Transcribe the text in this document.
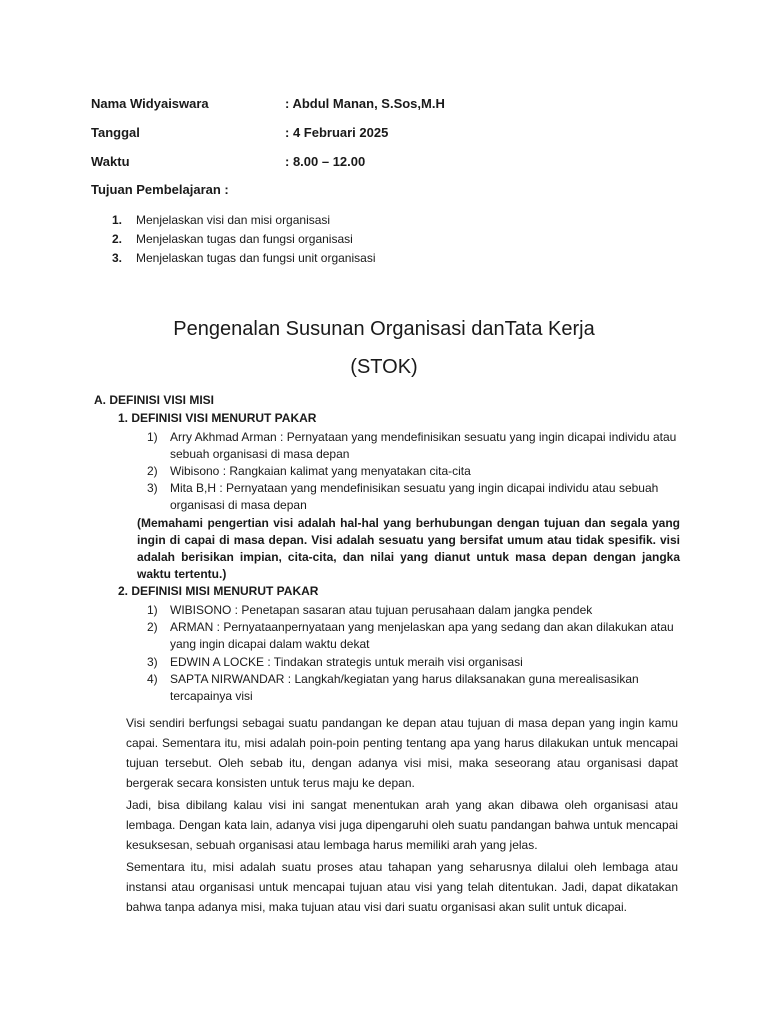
Nama Widyaiswara	: Abdul Manan, S.Sos,M.H
Tanggal	: 4 Februari 2025
Waktu	: 8.00 – 12.00
Tujuan Pembelajaran :
1. Menjelaskan visi dan misi organisasi
2. Menjelaskan tugas dan fungsi organisasi
3. Menjelaskan tugas dan fungsi unit organisasi
Pengenalan Susunan Organisasi danTata Kerja
(STOK)
A. DEFINISI VISI MISI
1. DEFINISI VISI MENURUT PAKAR
1) Arry Akhmad Arman : Pernyataan yang mendefinisikan sesuatu yang ingin dicapai individu atau sebuah organisasi di masa depan
2) Wibisono : Rangkaian kalimat yang menyatakan cita-cita
3) Mita B,H : Pernyataan yang mendefinisikan sesuatu yang ingin dicapai individu atau sebuah organisasi di masa depan
(Memahami pengertian visi adalah hal-hal yang berhubungan dengan tujuan dan segala yang ingin di capai di masa depan. Visi adalah sesuatu yang bersifat umum atau tidak spesifik. visi adalah berisikan impian, cita-cita, dan nilai yang dianut untuk masa depan dengan jangka waktu tertentu.)
2. DEFINISI MISI MENURUT PAKAR
1) WIBISONO : Penetapan sasaran atau tujuan perusahaan dalam jangka pendek
2) ARMAN : Pernyataanpernyataan yang menjelaskan apa yang sedang dan akan dilakukan atau yang ingin dicapai dalam waktu dekat
3) EDWIN A LOCKE : Tindakan strategis untuk meraih visi organisasi
4) SAPTA NIRWANDAR : Langkah/kegiatan yang harus dilaksanakan guna merealisasikan tercapainya visi
Visi sendiri berfungsi sebagai suatu pandangan ke depan atau tujuan di masa depan yang ingin kamu capai. Sementara itu, misi adalah poin-poin penting tentang apa yang harus dilakukan untuk mencapai tujuan tersebut. Oleh sebab itu, dengan adanya visi misi, maka seseorang atau organisasi dapat bergerak secara konsisten untuk terus maju ke depan.
Jadi, bisa dibilang kalau visi ini sangat menentukan arah yang akan dibawa oleh organisasi atau lembaga. Dengan kata lain, adanya visi juga dipengaruhi oleh suatu pandangan bahwa untuk mencapai kesuksesan, sebuah organisasi atau lembaga harus memiliki arah yang jelas.
Sementara itu, misi adalah suatu proses atau tahapan yang seharusnya dilalui oleh lembaga atau instansi atau organisasi untuk mencapai tujuan atau visi yang telah ditentukan. Jadi, dapat dikatakan bahwa tanpa adanya misi, maka tujuan atau visi dari suatu organisasi akan sulit untuk dicapai.
